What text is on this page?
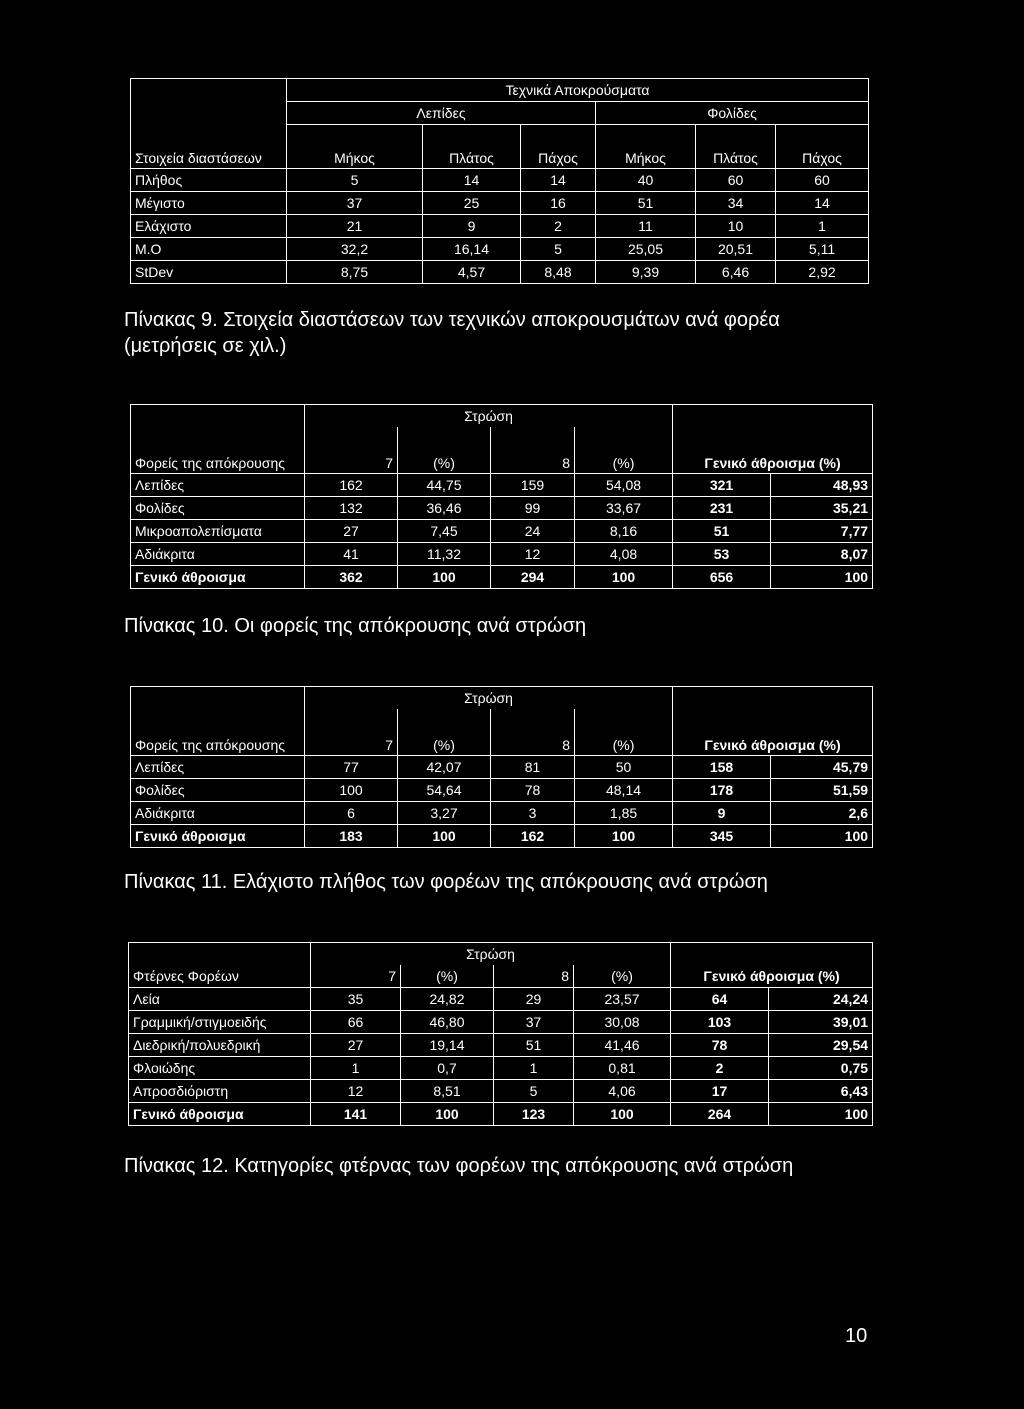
	Τεχνικά Αποκρούσματα					
	Λεπίδες			Φολίδες		
Στοιχεία διαστάσεων	Μήκος	Πλάτος	Πάχος	Μήκος	Πλάτος	Πάχος
Πλήθος	5	14	14	40	60	60
Μέγιστο	37	25	16	51	34	14
Ελάχιστο	21	9	2	11	10	1
Μ.Ο	32,2	16,14	5	25,05	20,51	5,11
StDev	8,75	4,57	8,48	9,39	6,46	2,92
Πίνακας 9. Στοιχεία διαστάσεων των τεχνικών αποκρουσμάτων ανά φορέα
(μετρήσεις σε χιλ.)
	Στρώση					
Φορείς της απόκρουσης	7	(%)	8	(%)	Γενικό άθροισμα (%)	
Λεπίδες	162	44,75	159	54,08	321	48,93
Φολίδες	132	36,46	99	33,67	231	35,21
Μικροαπολεπίσματα	27	7,45	24	8,16	51	7,77
Αδιάκριτα	41	11,32	12	4,08	53	8,07
Γενικό άθροισμα	362	100	294	100	656	100
Πίνακας 10. Οι φορείς της απόκρουσης ανά στρώση
	Στρώση					
Φορείς της απόκρουσης	7	(%)	8	(%)	Γενικό άθροισμα (%)	
Λεπίδες	77	42,07	81	50	158	45,79
Φολίδες	100	54,64	78	48,14	178	51,59
Αδιάκριτα	6	3,27	3	1,85	9	2,6
Γενικό άθροισμα	183	100	162	100	345	100
Πίνακας 11. Ελάχιστο πλήθος των φορέων της απόκρουσης ανά στρώση
	Στρώση					
Φτέρνες Φορέων	7	(%)	8	(%)	Γενικό άθροισμα (%)	
Λεία	35	24,82	29	23,57	64	24,24
Γραμμική/στιγμοειδής	66	46,80	37	30,08	103	39,01
Διεδρική/πολυεδρική	27	19,14	51	41,46	78	29,54
Φλοιώδης	1	0,7	1	0,81	2	0,75
Απροσδιόριστη	12	8,51	5	4,06	17	6,43
Γενικό άθροισμα	141	100	123	100	264	100
Πίνακας 12. Κατηγορίες φτέρνας των φορέων της απόκρουσης ανά στρώση
10
